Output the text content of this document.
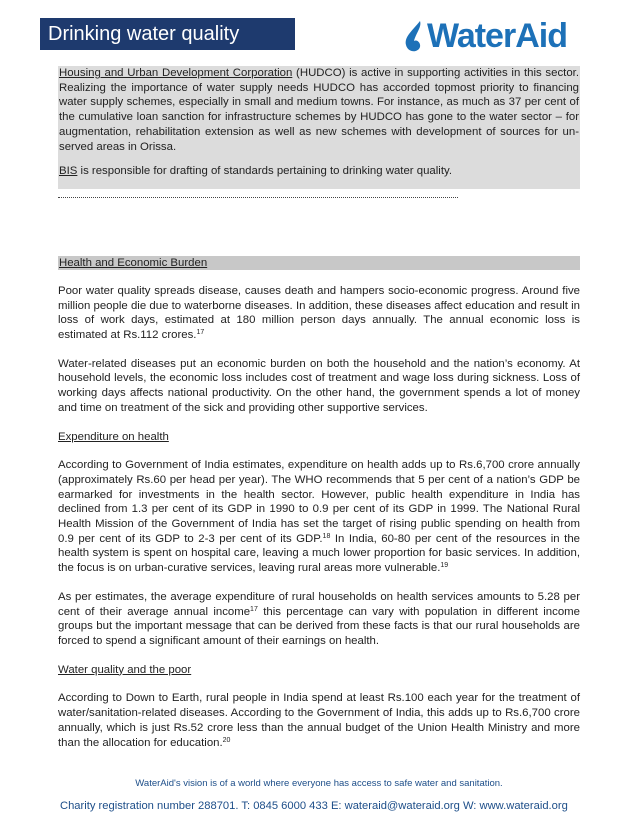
Drinking water quality	WaterAid

Housing and Urban Development Corporation (HUDCO) is active in supporting activities in this sector. Realizing the importance of water supply needs HUDCO has accorded topmost priority to financing water supply schemes, especially in small and medium towns. For instance, as much as 37 per cent of the cumulative loan sanction for infrastructure schemes by HUDCO has gone to the water sector – for augmentation, rehabilitation extension as well as new schemes with development of sources for un-served areas in Orissa.

BIS is responsible for drafting of standards pertaining to drinking water quality.

Health and Economic Burden

Poor water quality spreads disease, causes death and hampers socio-economic progress. Around five million people die due to waterborne diseases. In addition, these diseases affect education and result in loss of work days, estimated at 180 million person days annually. The annual economic loss is estimated at Rs.112 crores.$^{17}$

Water-related diseases put an economic burden on both the household and the nation’s economy. At household levels, the economic loss includes cost of treatment and wage loss during sickness. Loss of working days affects national productivity. On the other hand, the government spends a lot of money and time on treatment of the sick and providing other supportive services.

Expenditure on health

According to Government of India estimates, expenditure on health adds up to Rs.6,700 crore annually (approximately Rs.60 per head per year). The WHO recommends that 5 per cent of a nation’s GDP be earmarked for investments in the health sector. However, public health expenditure in India has declined from 1.3 per cent of its GDP in 1990 to 0.9 per cent of its GDP in 1999. The National Rural Health Mission of the Government of India has set the target of rising public spending on health from 0.9 per cent of its GDP to 2-3 per cent of its GDP.$^{18}$ In India, 60-80 per cent of the resources in the health system is spent on hospital care, leaving a much lower proportion for basic services. In addition, the focus is on urban-curative services, leaving rural areas more vulnerable.$^{19}$

As per estimates, the average expenditure of rural households on health services amounts to 5.28 per cent of their average annual income$^{17}$ this percentage can vary with population in different income groups but the important message that can be derived from these facts is that our rural households are forced to spend a significant amount of their earnings on health.

Water quality and the poor

According to Down to Earth, rural people in India spend at least Rs.100 each year for the treatment of water/sanitation-related diseases. According to the Government of India, this adds up to Rs.6,700 crore annually, which is just Rs.52 crore less than the annual budget of the Union Health Ministry and more than the allocation for education.$^{20}$

WaterAid's vision is of a world where everyone has access to safe water and sanitation.
Charity registration number 288701. T: 0845 6000 433 E: wateraid@wateraid.org W: www.wateraid.org
